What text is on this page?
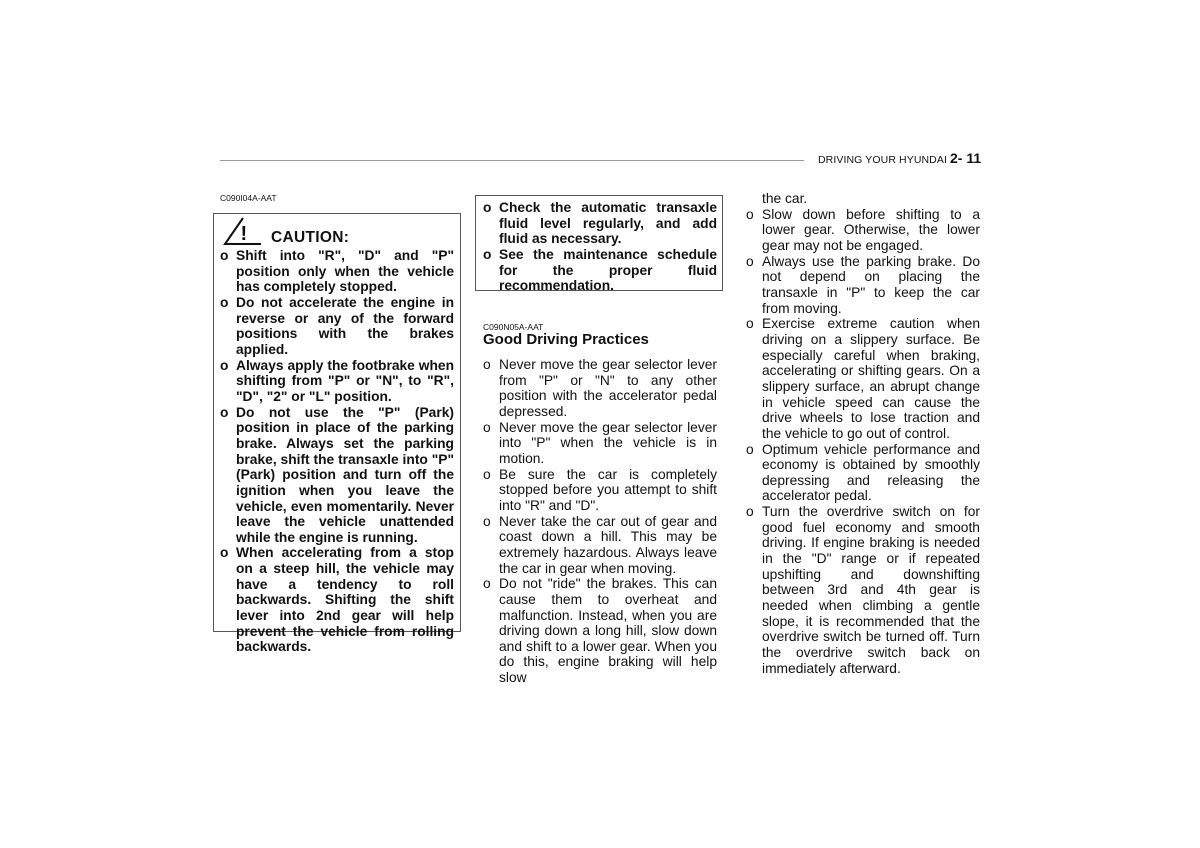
DRIVING YOUR HYUNDAI 2- 11
C090I04A-AAT
! CAUTION:
o Shift into "R", "D" and "P" position only when the vehicle has completely stopped.
o Do not accelerate the engine in reverse or any of the forward positions with the brakes applied.
o Always apply the footbrake when shifting from "P" or "N", to "R", "D", "2" or "L" position.
o Do not use the "P" (Park) position in place of the parking brake. Always set the parking brake, shift the transaxle into "P" (Park) position and turn off the ignition when you leave the vehicle, even momentarily. Never leave the vehicle unattended while the engine is running.
o When accelerating from a stop on a steep hill, the vehicle may have a tendency to roll backwards. Shifting the shift lever into 2nd gear will help prevent the vehicle from rolling backwards.
o Check the automatic transaxle fluid level regularly, and add fluid as necessary.
o See the maintenance schedule for the proper fluid recommendation.
C090N05A-AAT
Good Driving Practices
o Never move the gear selector lever from "P" or "N" to any other position with the accelerator pedal depressed.
o Never move the gear selector lever into "P" when the vehicle is in motion.
o Be sure the car is completely stopped before you attempt to shift into "R" and "D".
o Never take the car out of gear and coast down a hill. This may be extremely hazardous. Always leave the car in gear when moving.
o Do not "ride" the brakes. This can cause them to overheat and malfunction. Instead, when you are driving down a long hill, slow down and shift to a lower gear. When you do this, engine braking will help slow
the car.
o Slow down before shifting to a lower gear. Otherwise, the lower gear may not be engaged.
o Always use the parking brake. Do not depend on placing the transaxle in "P" to keep the car from moving.
o Exercise extreme caution when driving on a slippery surface. Be especially careful when braking, accelerating or shifting gears. On a slippery surface, an abrupt change in vehicle speed can cause the drive wheels to lose traction and the vehicle to go out of control.
o Optimum vehicle performance and economy is obtained by smoothly depressing and releasing the accelerator pedal.
o Turn the overdrive switch on for good fuel economy and smooth driving. If engine braking is needed in the "D" range or if repeated upshifting and downshifting between 3rd and 4th gear is needed when climbing a gentle slope, it is recommended that the overdrive switch be turned off. Turn the overdrive switch back on immediately afterward.
